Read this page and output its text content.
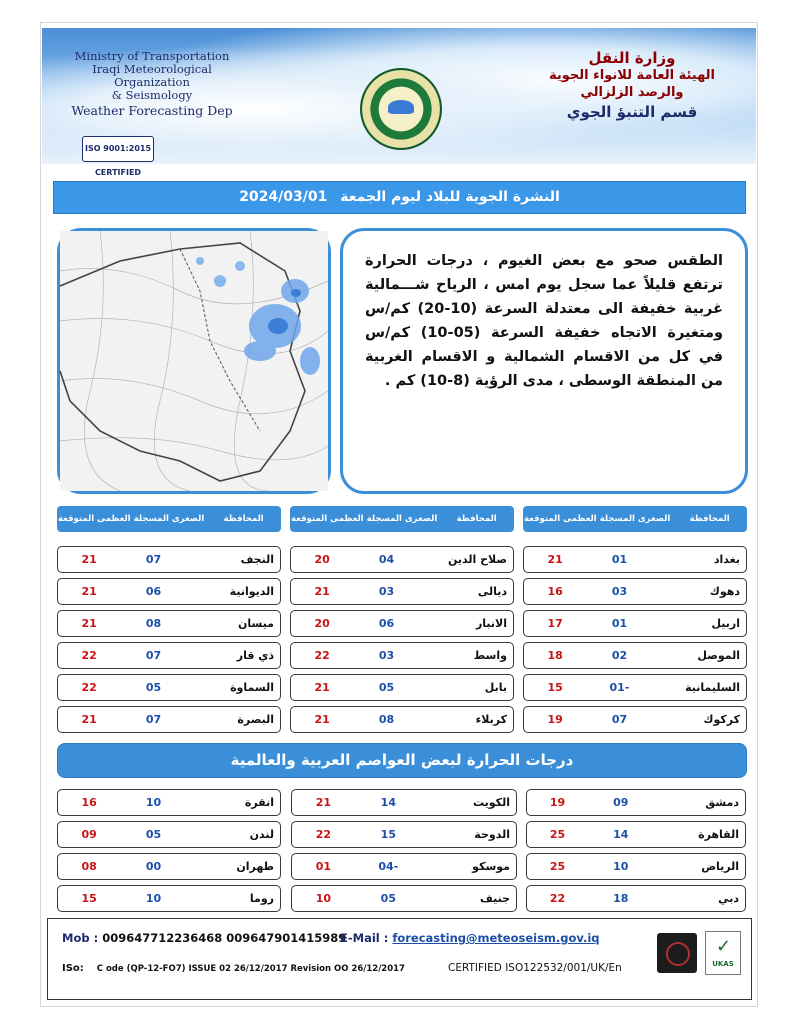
Ministry of Transportation
Iraqi Meteorological Organization
& Seismology
Weather Forecasting Dep
ISO 9001:2015 CERTIFIED
وزارة النقل
الهيئة العامة للانواء الجوية
والرصد الزلزالي
قسم التنبؤ الجوي
النشرة الجوية للبلاد ليوم الجمعة 2024/03/01
الطقس صحو مع بعض الغيوم ، درجات الحرارة ترتفع قليلاً عما سجل يوم امس ، الرياح شـــمالية غربية خفيفة الى معتدلة السرعة (10-20) كم/س ومتغيرة الاتجاه خفيفة السرعة (05-10) كم/س في كل من الاقسام الشمالية و الاقسام الغربية من المنطقة الوسطى ، مدى الرؤية (8-10) كم .
المحافظة
الصغرى المسجلة
العظمى المتوقعة
المحافظة
الصغرى المسجلة
العظمى المتوقعة
المحافظة
الصغرى المسجلة
العظمى المتوقعة
بغداد
01
21
دهوك
03
16
اربيل
01
17
الموصل
02
18
السليمانية
-01
15
كركوك
07
19
صلاح الدين
04
20
ديالى
03
21
الانبار
06
20
واسط
03
22
بابل
05
21
كربلاء
08
21
النجف
07
21
الديوانية
06
21
ميسان
08
21
ذي قار
07
22
السماوة
05
22
البصرة
07
21
درجات الحرارة لبعض العواصم العربية والعالمية
دمشق
09
19
القاهرة
14
25
الرياض
10
25
دبي
18
22
الكويت
14
21
الدوحة
15
22
موسكو
-04
01
جنيف
05
10
انقرة
10
16
لندن
05
09
طهران
00
08
روما
10
15
Mob : 009647712236468 009647901415989
E-Mail : forecasting@meteoseism.gov.iq
ISo: C ode (QP-12-FO7) ISSUE 02 26/12/2017 Revision OO 26/12/2017	CERTIFIED ISO122532/001/UK/En
✓	UKAS
